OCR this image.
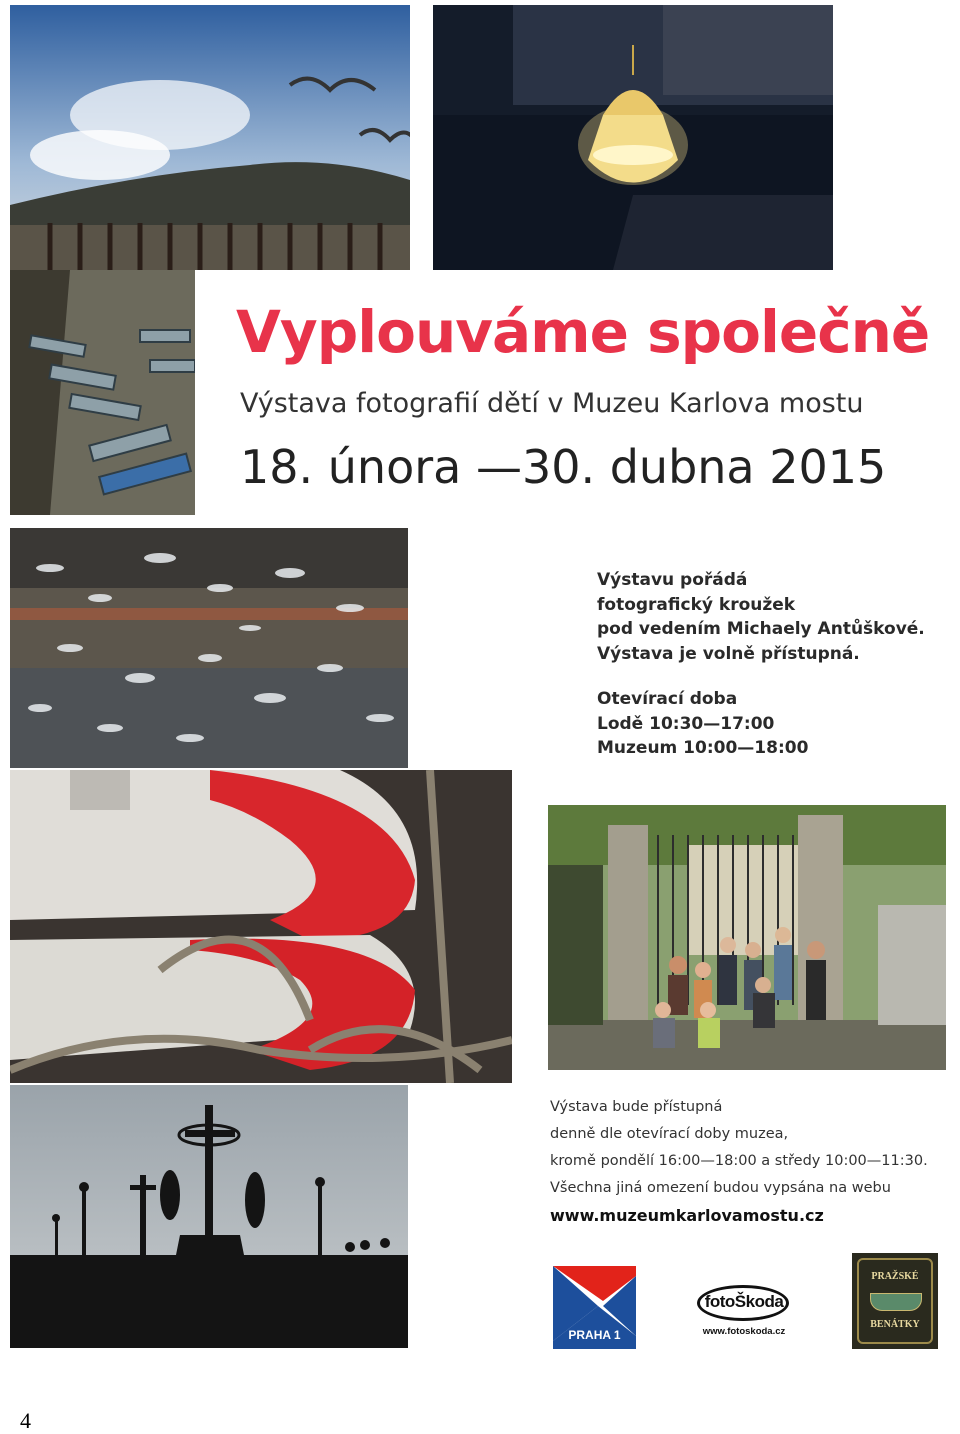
Vyplouváme společně
Výstava fotografií dětí v Muzeu Karlova mostu
18. února —30. dubna 2015
Výstavu pořádá
fotografický kroužek
pod vedením Michaely Antůškové.
Výstava je volně přístupná.
Otevírací doba
Lodě 10:30—17:00
Muzeum 10:00—18:00
Výstava bude přístupná
denně dle otevírací doby muzea,
kromě pondělí 16:00—18:00 a středy 10:00—11:30.
Všechna jiná omezení budou vypsána na webu
www.muzeumkarlovamostu.cz
PRAHA 1
fotoŠkoda
www.fotoskoda.cz
PRAŽSKÉ
BENÁTKY
4
